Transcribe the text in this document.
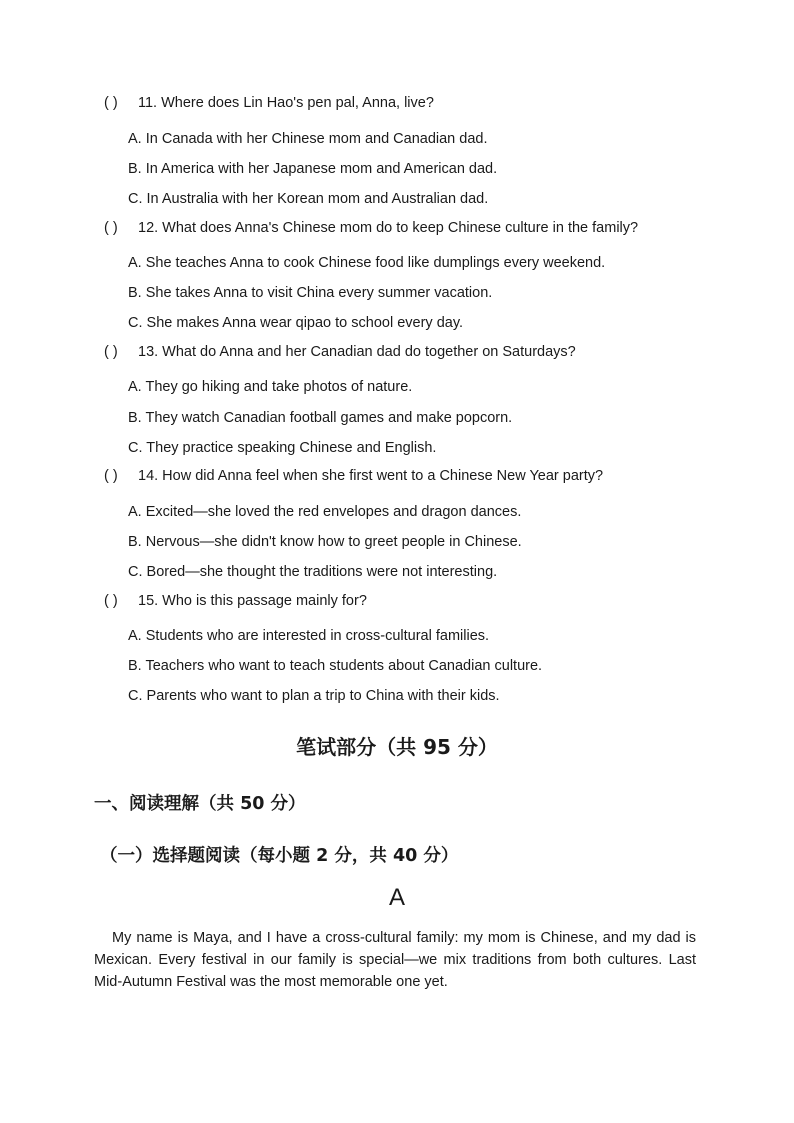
( ) 11. Where does Lin Hao's pen pal, Anna, live?
A. In Canada with her Chinese mom and Canadian dad.
B. In America with her Japanese mom and American dad.
C. In Australia with her Korean mom and Australian dad.
( ) 12. What does Anna's Chinese mom do to keep Chinese culture in the family?
A. She teaches Anna to cook Chinese food like dumplings every weekend.
B. She takes Anna to visit China every summer vacation.
C. She makes Anna wear qipao to school every day.
( ) 13. What do Anna and her Canadian dad do together on Saturdays?
A. They go hiking and take photos of nature.
B. They watch Canadian football games and make popcorn.
C. They practice speaking Chinese and English.
( ) 14. How did Anna feel when she first went to a Chinese New Year party?
A. Excited—she loved the red envelopes and dragon dances.
B. Nervous—she didn't know how to greet people in Chinese.
C. Bored—she thought the traditions were not interesting.
( ) 15. Who is this passage mainly for?
A. Students who are interested in cross-cultural families.
B. Teachers who want to teach students about Canadian culture.
C. Parents who want to plan a trip to China with their kids.
笔试部分（共 95 分）
一、阅读理解（共 50 分）
（一）选择题阅读（每小题 2 分，共 40 分）
A
My name is Maya, and I have a cross-cultural family: my mom is Chinese, and my dad is Mexican. Every festival in our family is special—we mix traditions from both cultures. Last Mid-Autumn Festival was the most memorable one yet.
